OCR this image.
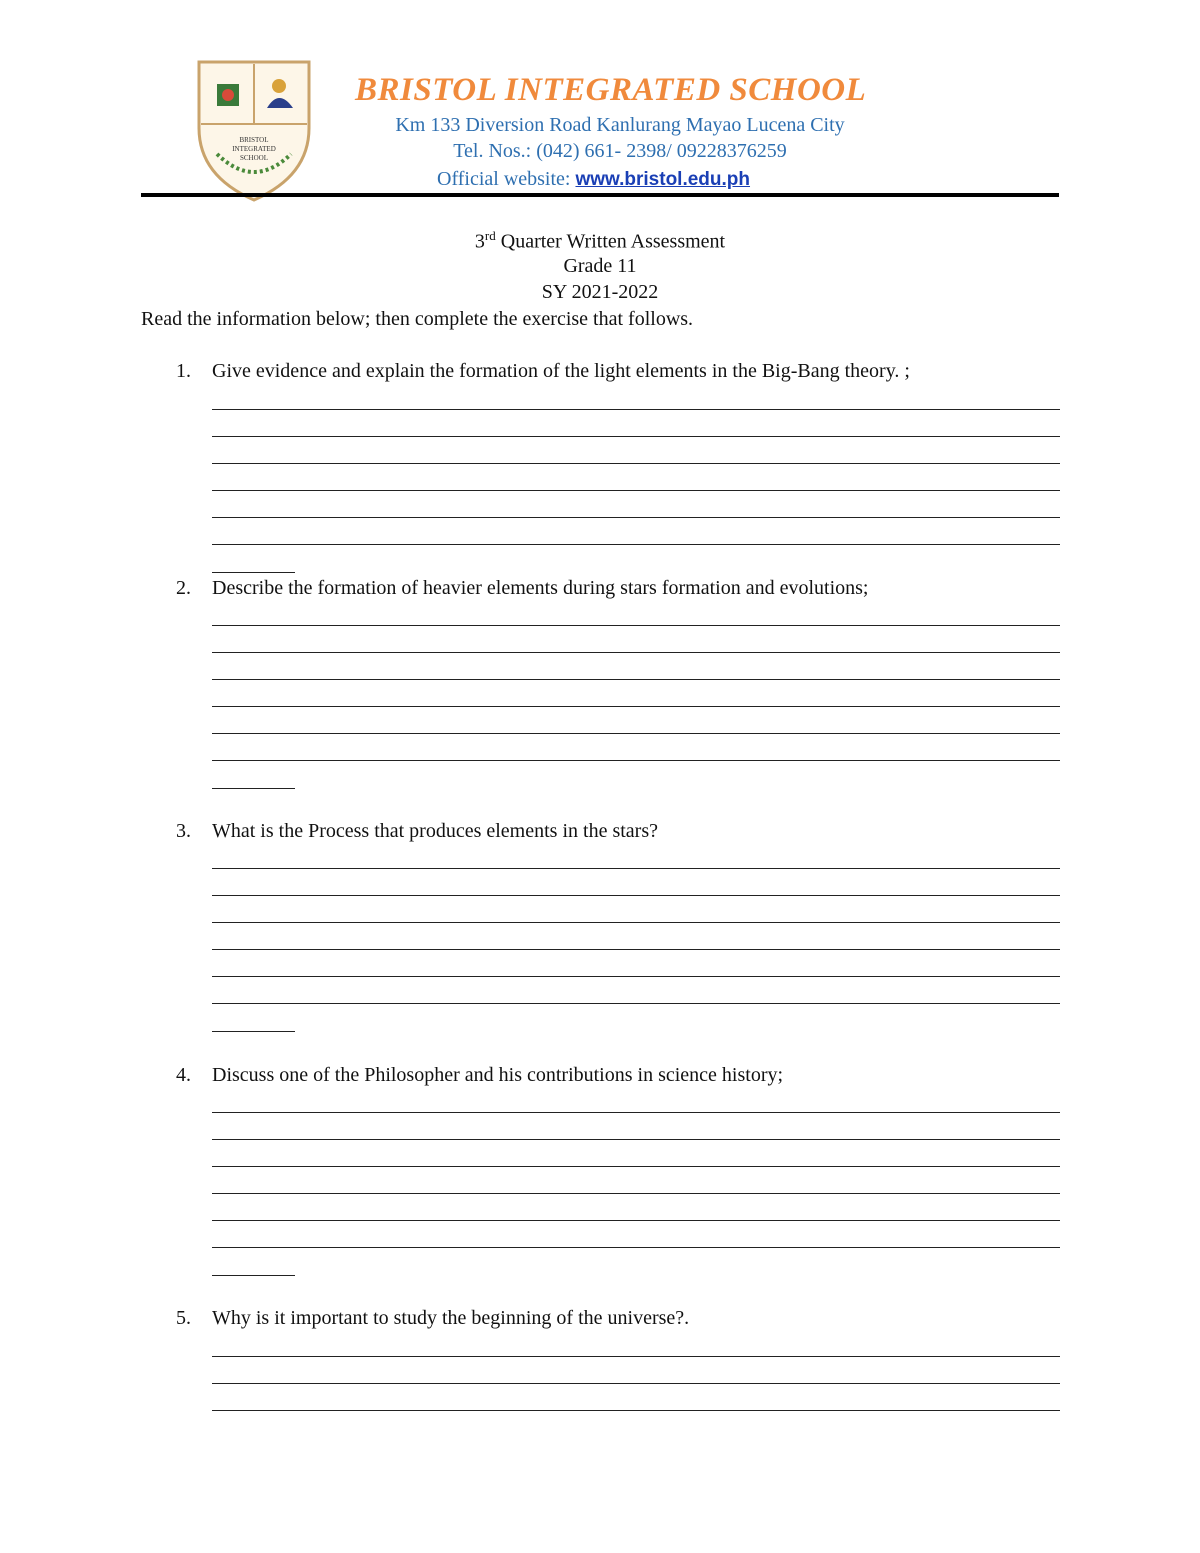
BRISTOL
INTEGRATED
SCHOOL
BRISTOL INTEGRATED SCHOOL
Km 133 Diversion Road Kanlurang Mayao Lucena City
Tel. Nos.: (042) 661- 2398/ 09228376259
Official website: www.bristol.edu.ph
3rd Quarter Written Assessment
Grade 11
SY 2021-2022
Read the information below; then complete the exercise that follows.
1. Give evidence and explain the formation of the light elements in the Big-Bang theory. ;
2. Describe the formation of heavier elements during stars formation and evolutions;
3. What is the Process that produces elements in the stars?
4. Discuss one of the Philosopher and his contributions in science history;
5. Why is it important to study the beginning of the universe?.
